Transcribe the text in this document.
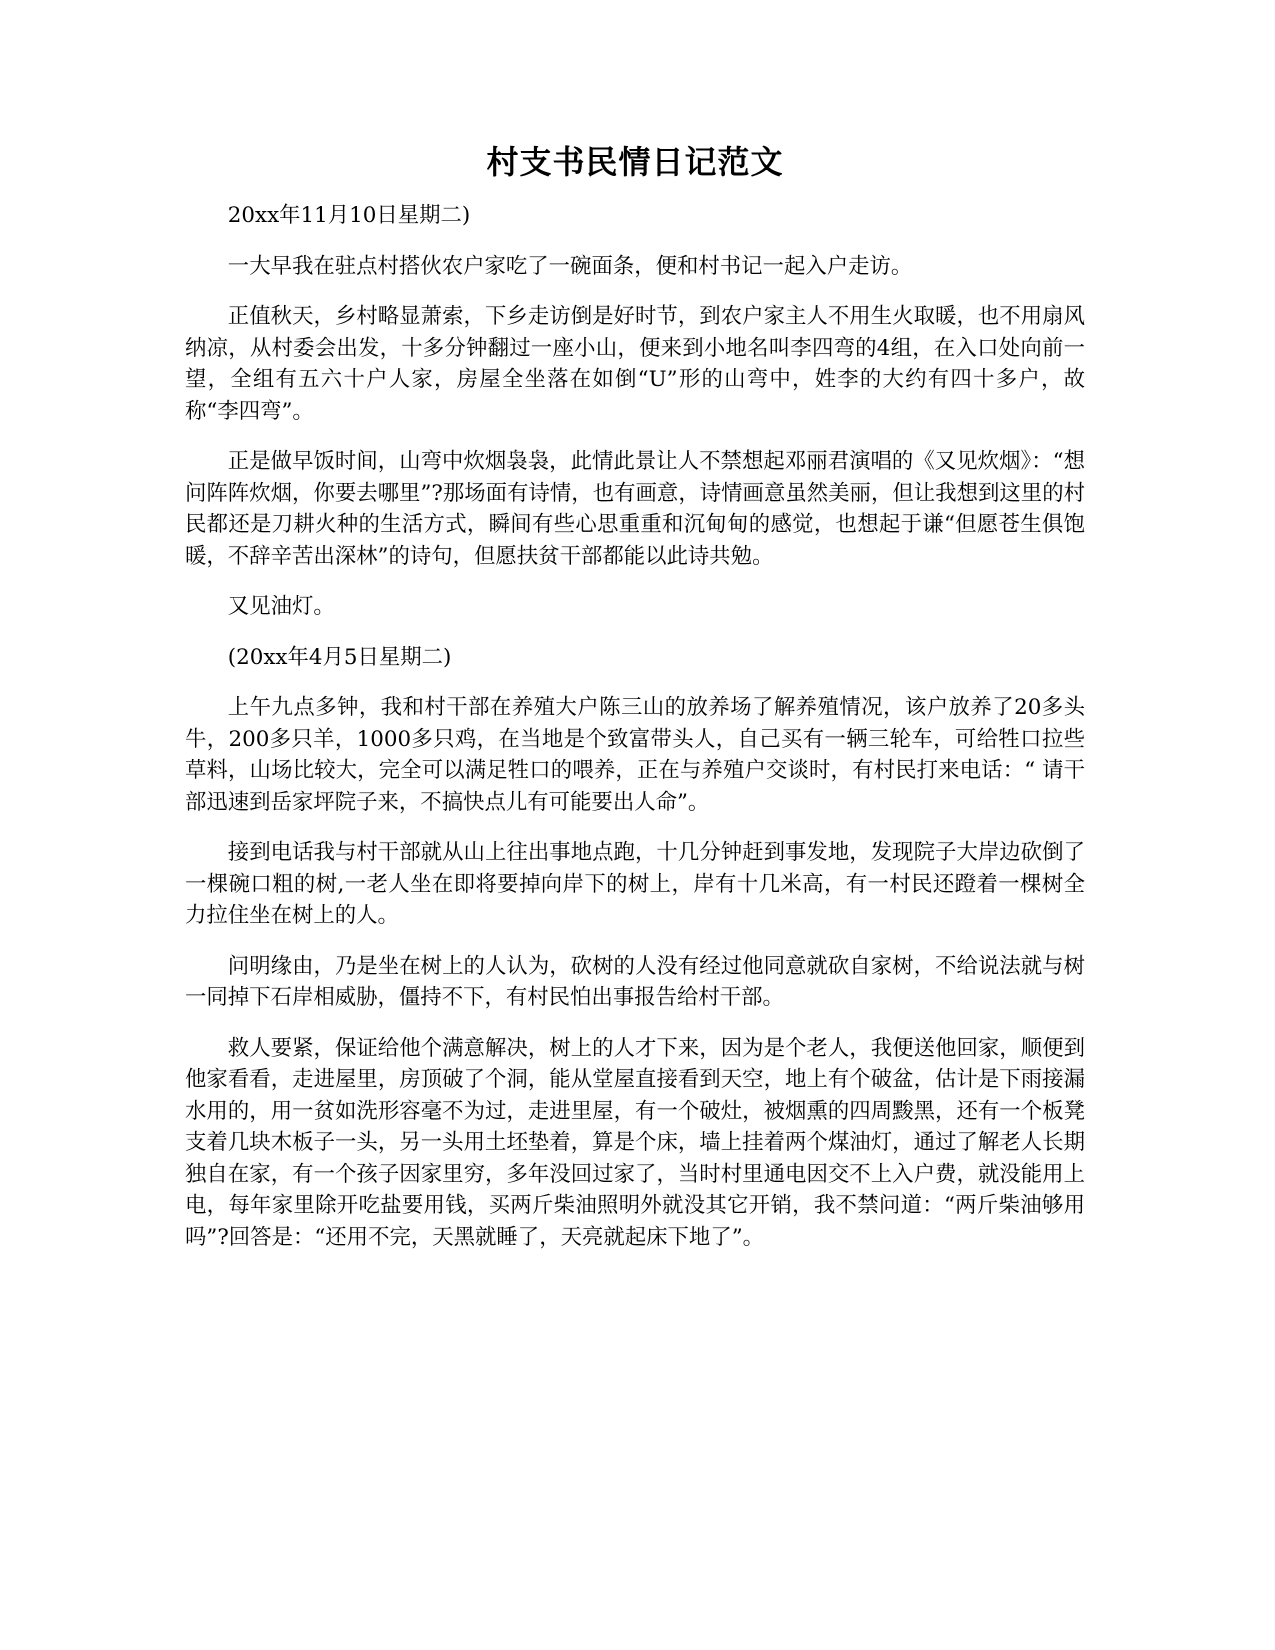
村支书民情日记范文

20xx年11月10日星期二)

一大早我在驻点村搭伙农户家吃了一碗面条，便和村书记一起入户走访。

正值秋天，乡村略显萧索，下乡走访倒是好时节，到农户家主人不用生火取暖，也不用扇风纳凉，从村委会出发，十多分钟翻过一座小山，便来到小地名叫李四弯的4组，在入口处向前一望，全组有五六十户人家，房屋全坐落在如倒“U”形的山弯中，姓李的大约有四十多户，故称“李四弯”。

正是做早饭时间，山弯中炊烟袅袅，此情此景让人不禁想起邓丽君演唱的《又见炊烟》：“想问阵阵炊烟，你要去哪里”?那场面有诗情，也有画意，诗情画意虽然美丽，但让我想到这里的村民都还是刀耕火种的生活方式，瞬间有些心思重重和沉甸甸的感觉，也想起于谦“但愿苍生俱饱暖，不辞辛苦出深林”的诗句，但愿扶贫干部都能以此诗共勉。

又见油灯。

(20xx年4月5日星期二)

上午九点多钟，我和村干部在养殖大户陈三山的放养场了解养殖情况，该户放养了20多头牛，200多只羊，1000多只鸡，在当地是个致富带头人，自己买有一辆三轮车，可给牲口拉些草料，山场比较大，完全可以满足牲口的喂养，正在与养殖户交谈时，有村民打来电话：“ 请干部迅速到岳家坪院子来，不搞快点儿有可能要出人命”。

接到电话我与村干部就从山上往出事地点跑，十几分钟赶到事发地，发现院子大岸边砍倒了一棵碗口粗的树,一老人坐在即将要掉向岸下的树上，岸有十几米高，有一村民还蹬着一棵树全力拉住坐在树上的人。

问明缘由，乃是坐在树上的人认为，砍树的人没有经过他同意就砍自家树，不给说法就与树一同掉下石岸相威胁，僵持不下，有村民怕出事报告给村干部。

救人要紧，保证给他个满意解决，树上的人才下来，因为是个老人，我便送他回家，顺便到他家看看，走进屋里，房顶破了个洞，能从堂屋直接看到天空，地上有个破盆，估计是下雨接漏水用的，用一贫如洗形容毫不为过，走进里屋，有一个破灶，被烟熏的四周黢黑，还有一个板凳支着几块木板子一头，另一头用土坯垫着，算是个床，墙上挂着两个煤油灯，通过了解老人长期独自在家，有一个孩子因家里穷，多年没回过家了，当时村里通电因交不上入户费，就没能用上电，每年家里除开吃盐要用钱，买两斤柴油照明外就没其它开销，我不禁问道：“两斤柴油够用吗”?回答是：“还用不完，天黑就睡了，天亮就起床下地了”。
